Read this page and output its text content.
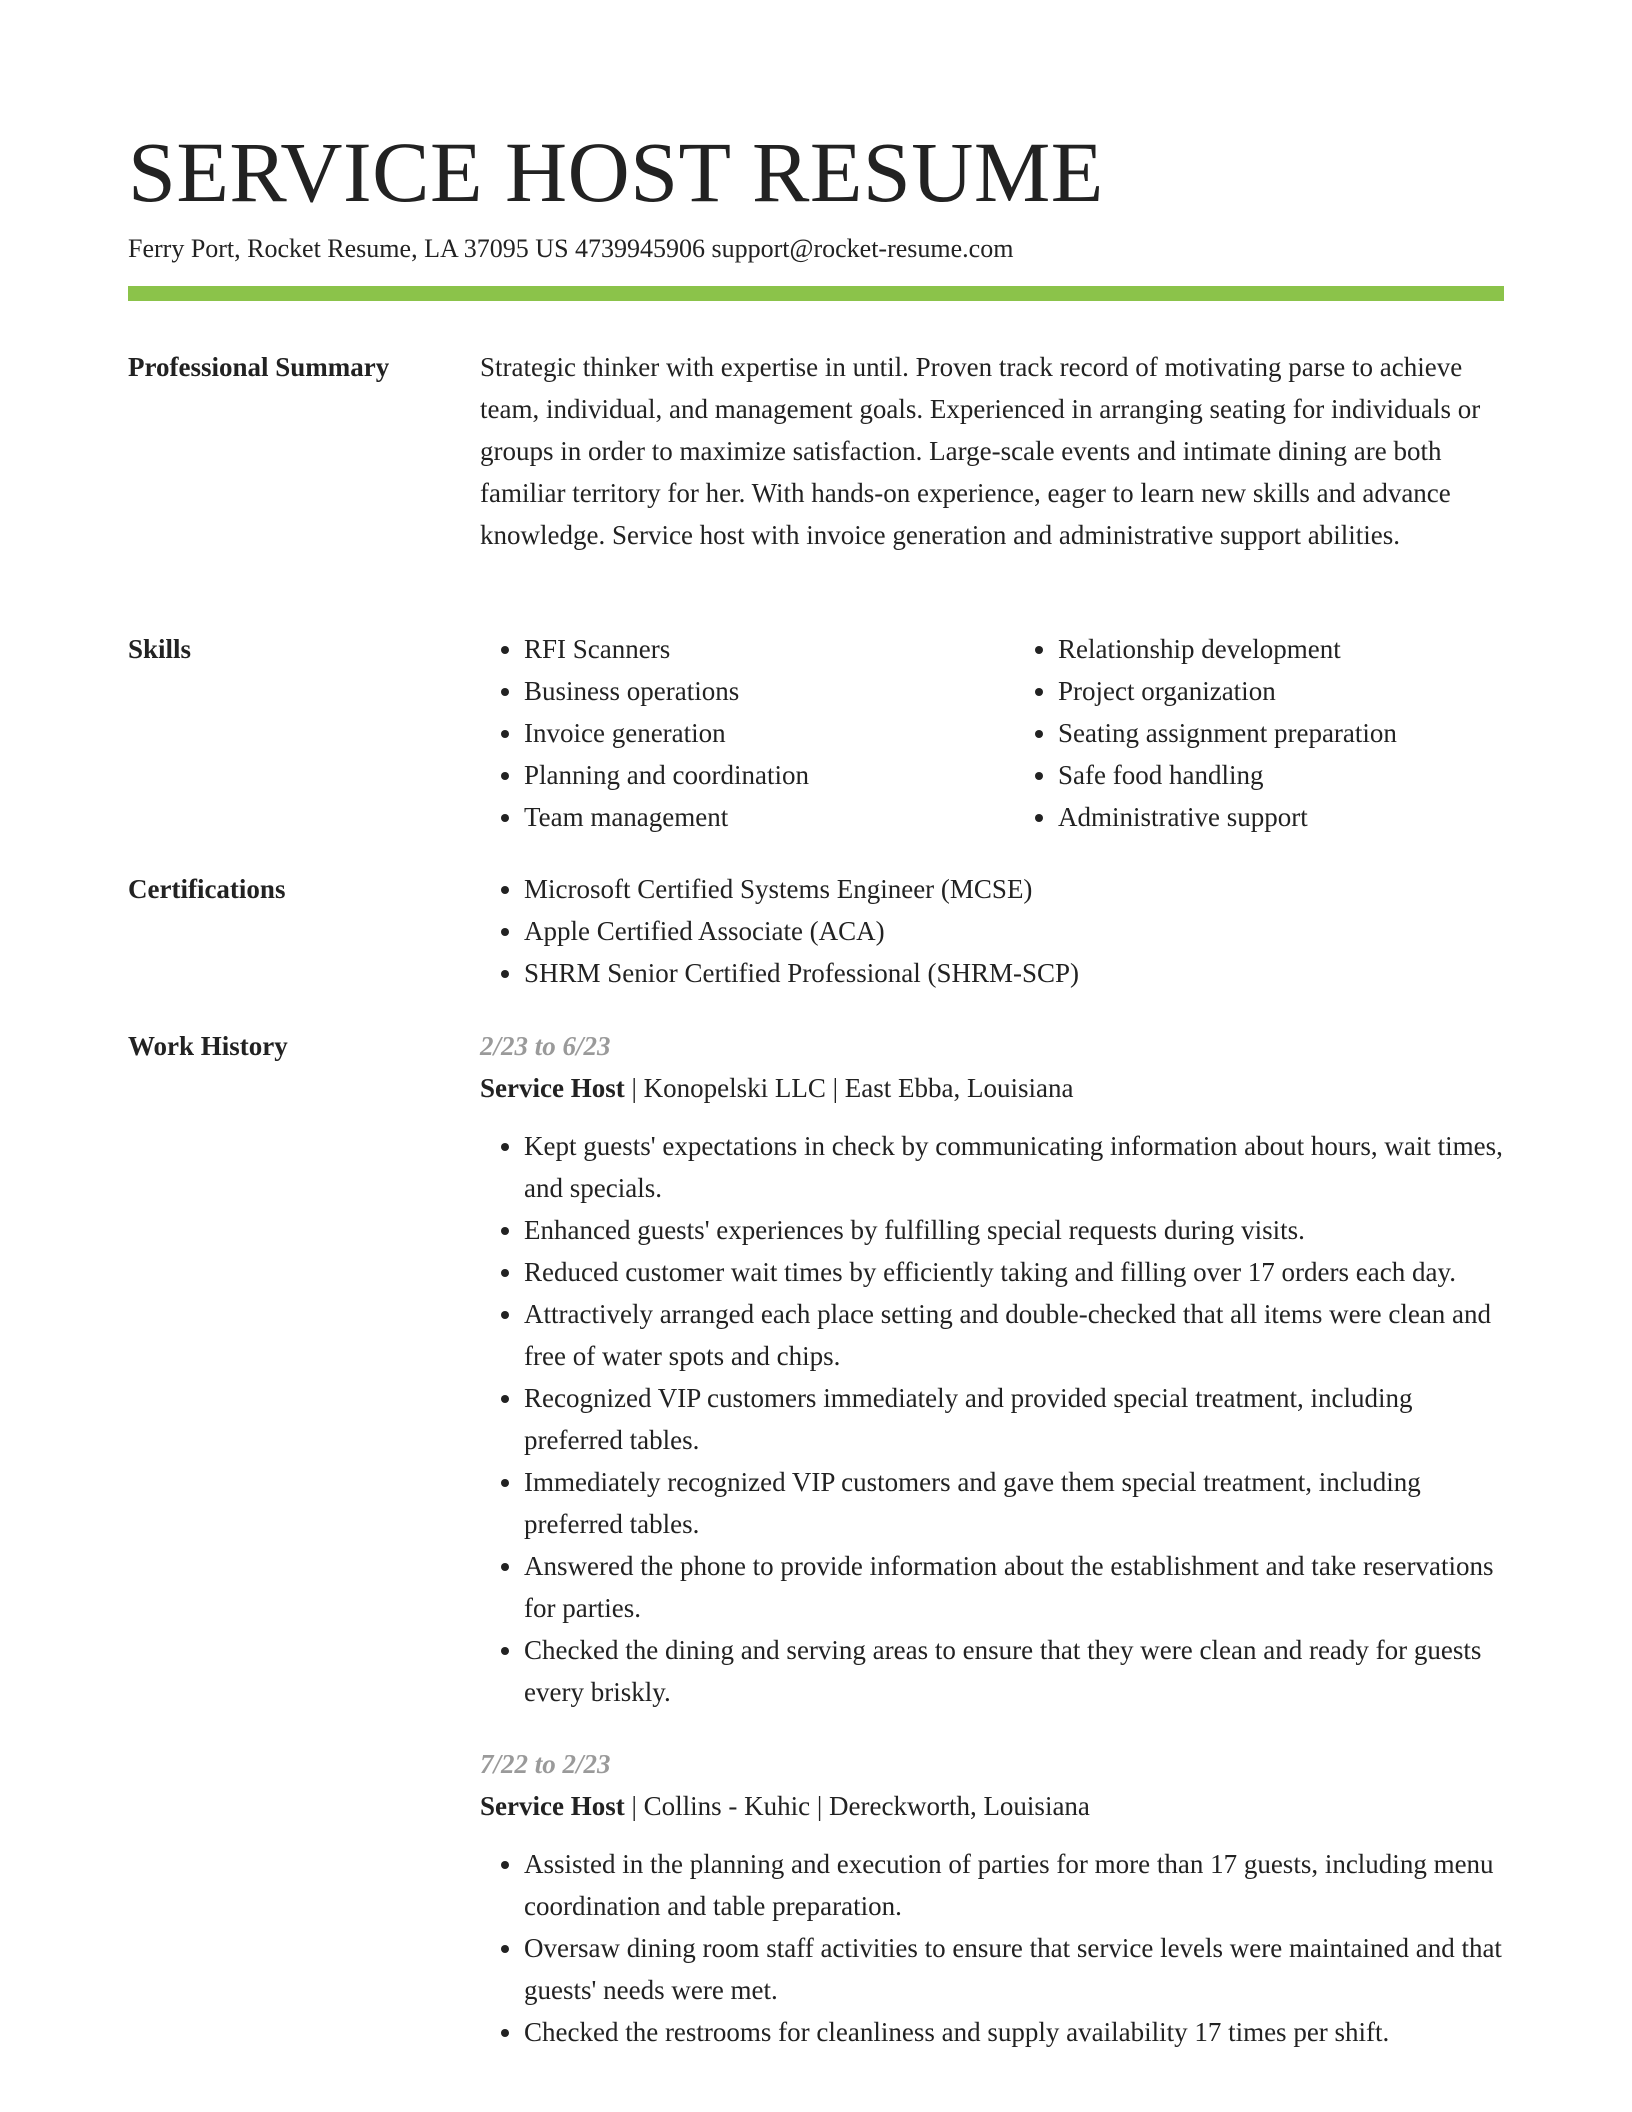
SERVICE HOST RESUME
Ferry Port, Rocket Resume, LA 37095 US 4739945906 support@rocket-resume.com
Professional Summary	Strategic thinker with expertise in until. Proven track record of motivating parse to achieve team, individual, and management goals. Experienced in arranging seating for individuals or groups in order to maximize satisfaction. Large-scale events and intimate dining are both familiar territory for her. With hands-on experience, eager to learn new skills and advance knowledge. Service host with invoice generation and administrative support abilities.

Skills	• RFI Scanners
• Business operations
• Invoice generation
• Planning and coordination
• Team management
• Relationship development
• Project organization
• Seating assignment preparation
• Safe food handling
• Administrative support
Certifications	• Microsoft Certified Systems Engineer (MCSE)
• Apple Certified Associate (ACA)
• SHRM Senior Certified Professional (SHRM-SCP)
Work History	2/23 to 6/23
Service Host | Konopelski LLC | East Ebba, Louisiana
• Kept guests' expectations in check by communicating information about hours, wait times, and specials.
• Enhanced guests' experiences by fulfilling special requests during visits.
• Reduced customer wait times by efficiently taking and filling over 17 orders each day.
• Attractively arranged each place setting and double-checked that all items were clean and free of water spots and chips.
• Recognized VIP customers immediately and provided special treatment, including preferred tables.
• Immediately recognized VIP customers and gave them special treatment, including preferred tables.
• Answered the phone to provide information about the establishment and take reservations for parties.
• Checked the dining and serving areas to ensure that they were clean and ready for guests every briskly.
7/22 to 2/23
Service Host | Collins - Kuhic | Dereckworth, Louisiana
• Assisted in the planning and execution of parties for more than 17 guests, including menu coordination and table preparation.
• Oversaw dining room staff activities to ensure that service levels were maintained and that guests' needs were met.
• Checked the restrooms for cleanliness and supply availability 17 times per shift.
